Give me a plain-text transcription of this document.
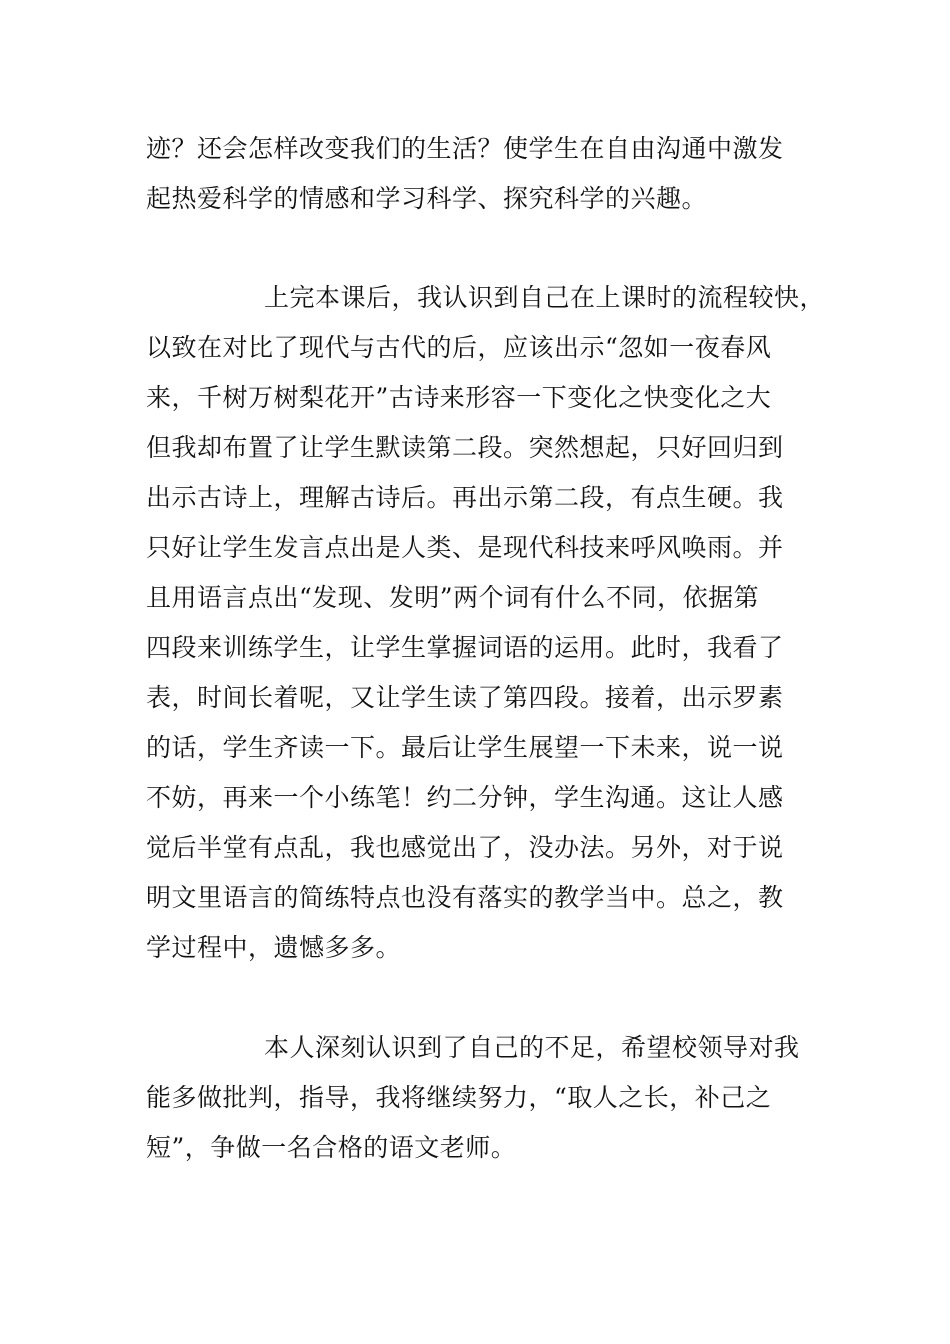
迹？还会怎样改变我们的生活？使学生在自由沟通中激发
起热爱科学的情感和学习科学、探究科学的兴趣。

上完本课后，我认识到自己在上课时的流程较快，
以致在对比了现代与古代的后，应该出示“忽如一夜春风
来，千树万树梨花开”古诗来形容一下变化之快变化之大
但我却布置了让学生默读第二段。突然想起，只好回归到
出示古诗上，理解古诗后。再出示第二段，有点生硬。我
只好让学生发言点出是人类、是现代科技来呼风唤雨。并
且用语言点出“发现、发明”两个词有什么不同，依据第
四段来训练学生，让学生掌握词语的运用。此时，我看了
表，时间长着呢，又让学生读了第四段。接着，出示罗素
的话，学生齐读一下。最后让学生展望一下未来，说一说
不妨，再来一个小练笔！约二分钟，学生沟通。这让人感
觉后半堂有点乱，我也感觉出了，没办法。另外，对于说
明文里语言的简练特点也没有落实的教学当中。总之，教
学过程中，遗憾多多。

本人深刻认识到了自己的不足，希望校领导对我
能多做批判，指导，我将继续努力，“取人之长，补己之
短”，争做一名合格的语文老师。
